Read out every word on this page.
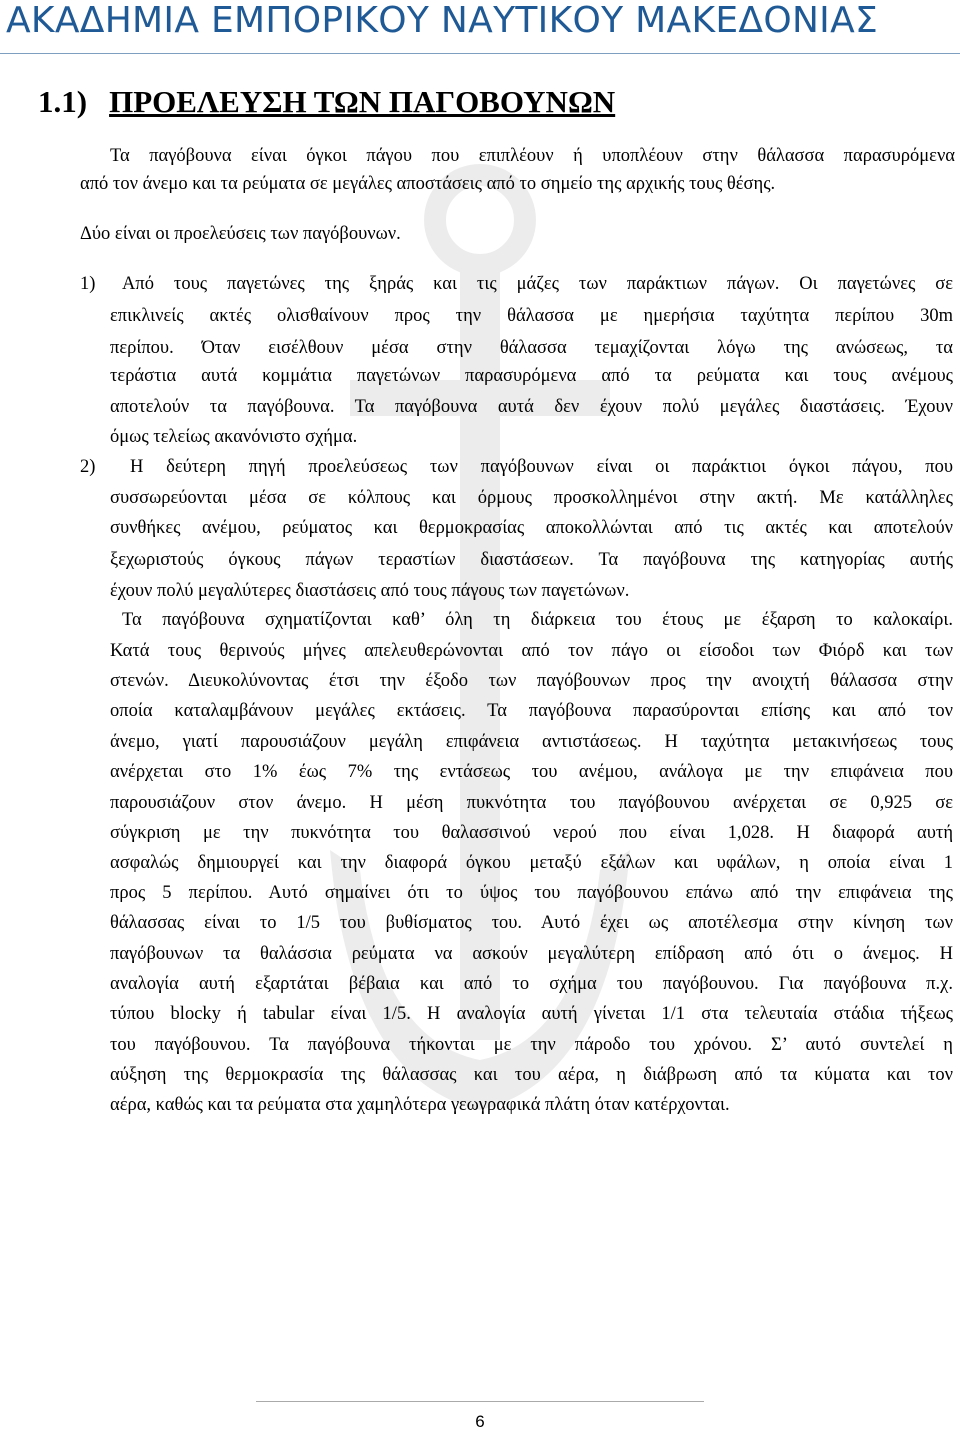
ΑΚΑΔΗΜΙΑ ΕΜΠΟΡΙΚΟΥ ΝΑΥΤΙΚΟΥ ΜΑΚΕΔΟΝΙΑΣ
1.1) ΠΡΟΕΛΕΥΣΗ ΤΩΝ ΠΑΓΟΒΟΥΝΩΝ
Τα παγόβουνα είναι όγκοι πάγου που επιπλέουν ή υποπλέουν στην θάλασσα παρασυρόμενα
από τον άνεμο και τα ρεύματα σε μεγάλες αποστάσεις από το σημείο της αρχικής τους θέσης.
Δύο είναι οι προελεύσεις των παγόβουνων.
1) Από τους παγετώνες της ξηράς και τις μάζες των παράκτιων πάγων. Οι παγετώνες σε
επικλινείς ακτές ολισθαίνουν προς την θάλασσα με ημερήσια ταχύτητα περίπου 30m
περίπου. Όταν εισέλθουν μέσα στην θάλασσα τεμαχίζονται λόγω της ανώσεως, τα
τεράστια αυτά κομμάτια παγετώνων παρασυρόμενα από τα ρεύματα και τους ανέμους
αποτελούν τα παγόβουνα. Τα παγόβουνα αυτά δεν έχουν πολύ μεγάλες διαστάσεις. Έχουν
όμως τελείως ακανόνιστο σχήμα.
2) Η δεύτερη πηγή προελεύσεως των παγόβουνων είναι οι παράκτιοι όγκοι πάγου, που
συσσωρεύονται μέσα σε κόλπους και όρμους προσκολλημένοι στην ακτή. Με κατάλληλες
συνθήκες ανέμου, ρεύματος και θερμοκρασίας αποκολλώνται από τις ακτές και αποτελούν
ξεχωριστούς όγκους πάγων τεραστίων διαστάσεων. Τα παγόβουνα της κατηγορίας αυτής
έχουν πολύ μεγαλύτερες διαστάσεις από τους πάγους των παγετώνων.
Τα παγόβουνα σχηματίζονται καθ’ όλη τη διάρκεια του έτους με έξαρση το καλοκαίρι.
Κατά τους θερινούς μήνες απελευθερώνονται από τον πάγο οι είσοδοι των Φιόρδ και των
στενών. Διευκολύνοντας έτσι την έξοδο των παγόβουνων προς την ανοιχτή θάλασσα στην
οποία καταλαμβάνουν μεγάλες εκτάσεις. Τα παγόβουνα παρασύρονται επίσης και από τον
άνεμο, γιατί παρουσιάζουν μεγάλη επιφάνεια αντιστάσεως. Η ταχύτητα μετακινήσεως τους
ανέρχεται στο 1% έως 7% της εντάσεως του ανέμου, ανάλογα με την επιφάνεια που
παρουσιάζουν στον άνεμο. Η μέση πυκνότητα του παγόβουνου ανέρχεται σε 0,925 σε
σύγκριση με την πυκνότητα του θαλασσινού νερού που είναι 1,028. Η διαφορά αυτή
ασφαλώς δημιουργεί και την διαφορά όγκου μεταξύ εξάλων και υφάλων, η οποία είναι 1
προς 5 περίπου. Αυτό σημαίνει ότι το ύψος του παγόβουνου επάνω από την επιφάνεια της
θάλασσας είναι το 1/5 του βυθίσματος του. Αυτό έχει ως αποτέλεσμα στην κίνηση των
παγόβουνων τα θαλάσσια ρεύματα να ασκούν μεγαλύτερη επίδραση από ότι ο άνεμος. Η
αναλογία αυτή εξαρτάται βέβαια και από το σχήμα του παγόβουνου. Για παγόβουνα π.χ.
τύπου blocky ή tabular είναι 1/5. Η αναλογία αυτή γίνεται 1/1 στα τελευταία στάδια τήξεως
του παγόβουνου. Τα παγόβουνα τήκονται με την πάροδο του χρόνου. Σ’ αυτό συντελεί η
αύξηση της θερμοκρασία της θάλασσας και του αέρα, η διάβρωση από τα κύματα και τον
αέρα, καθώς και τα ρεύματα στα χαμηλότερα γεωγραφικά πλάτη όταν κατέρχονται.
6
